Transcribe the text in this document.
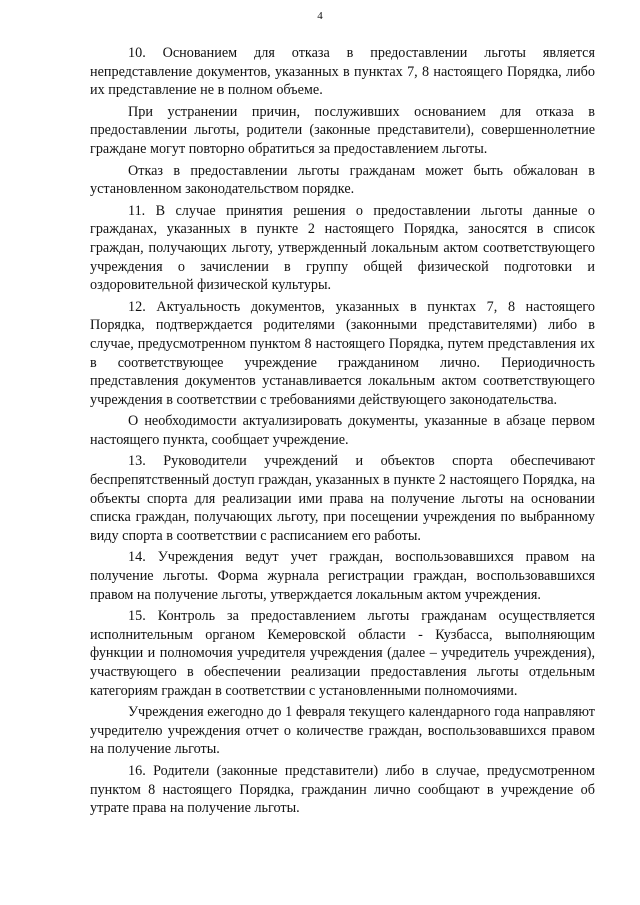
4

10. Основанием для отказа в предоставлении льготы является непредставление документов, указанных в пунктах 7, 8 настоящего Порядка, либо их представление не в полном объеме.

При устранении причин, послуживших основанием для отказа в предоставлении льготы, родители (законные представители), совершеннолетние граждане могут повторно обратиться за предоставлением льготы.

Отказ в предоставлении льготы гражданам может быть обжалован в установленном законодательством порядке.

11. В случае принятия решения о предоставлении льготы данные о гражданах, указанных в пункте 2 настоящего Порядка, заносятся в список граждан, получающих льготу, утвержденный локальным актом соответствующего учреждения о зачислении в группу общей физической подготовки и оздоровительной физической культуры.

12. Актуальность документов, указанных в пунктах 7, 8 настоящего Порядка, подтверждается родителями (законными представителями) либо в случае, предусмотренном пунктом 8 настоящего Порядка, путем представления их в соответствующее учреждение гражданином лично. Периодичность представления документов устанавливается локальным актом соответствующего учреждения в соответствии с требованиями действующего законодательства.

О необходимости актуализировать документы, указанные в абзаце первом настоящего пункта, сообщает учреждение.

13. Руководители учреждений и объектов спорта обеспечивают беспрепятственный доступ граждан, указанных в пункте 2 настоящего Порядка, на объекты спорта для реализации ими права на получение льготы на основании списка граждан, получающих льготу, при посещении учреждения по выбранному виду спорта в соответствии с расписанием его работы.

14. Учреждения ведут учет граждан, воспользовавшихся правом на получение льготы. Форма журнала регистрации граждан, воспользовавшихся правом на получение льготы, утверждается локальным актом учреждения.

15. Контроль за предоставлением льготы гражданам осуществляется исполнительным органом Кемеровской области - Кузбасса, выполняющим функции и полномочия учредителя учреждения (далее – учредитель учреждения), участвующего в обеспечении реализации предоставления льготы отдельным категориям граждан в соответствии с установленными полномочиями.

Учреждения ежегодно до 1 февраля текущего календарного года направляют учредителю учреждения отчет о количестве граждан, воспользовавшихся правом на получение льготы.

16. Родители (законные представители) либо в случае, предусмотренном пунктом 8 настоящего Порядка, гражданин лично сообщают в учреждение об утрате права на получение льготы.
